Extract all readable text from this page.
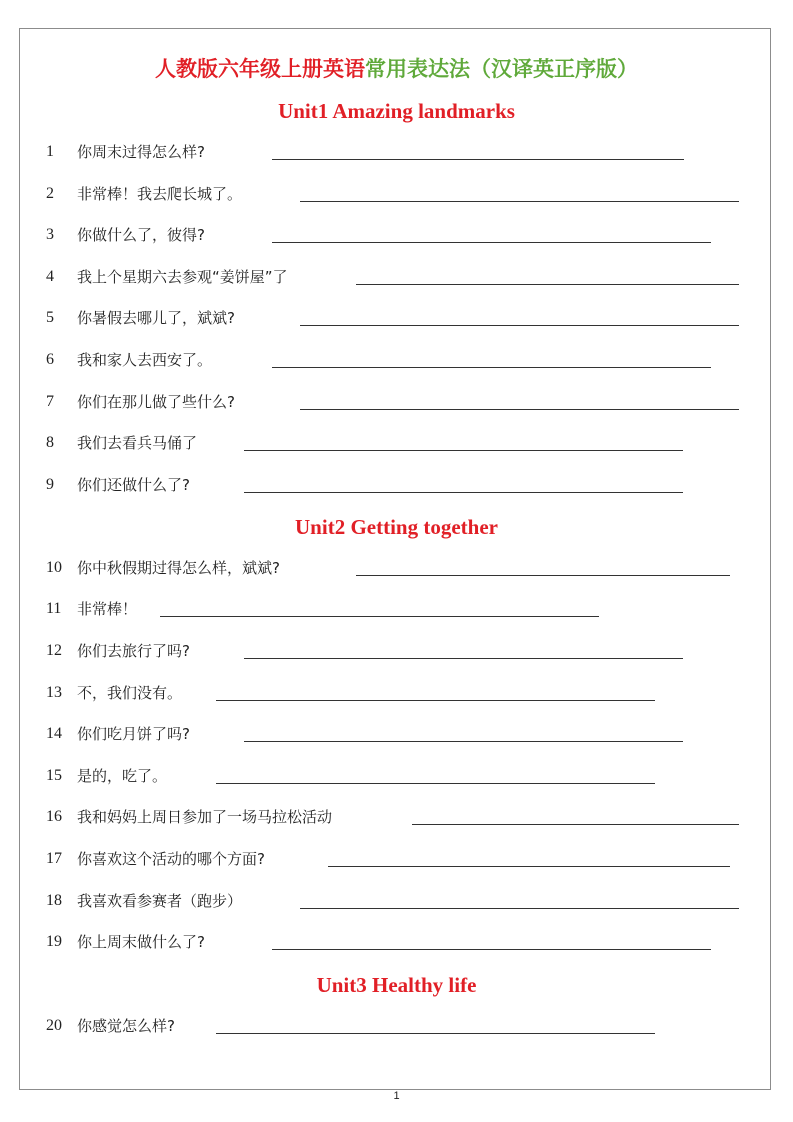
人教版六年级上册英语常用表达法（汉译英正序版）
Unit1 Amazing landmarks
Unit2 Getting together
Unit3 Healthy life
1	你周末过得怎么样?
2	非常棒！我去爬长城了。
3	你做什么了，彼得?
4	我上个星期六去参观“姜饼屋”了
5	你暑假去哪儿了，斌斌?
6	我和家人去西安了。
7	你们在那儿做了些什么?
8	我们去看兵马俑了
9	你们还做什么了?
10	你中秋假期过得怎么样，斌斌?
11	非常棒！
12	你们去旅行了吗?
13	不，我们没有。
14	你们吃月饼了吗?
15	是的，吃了。
16	我和妈妈上周日参加了一场马拉松活动
17	你喜欢这个活动的哪个方面?
18	我喜欢看参赛者（跑步）
19	你上周末做什么了?
20	你感觉怎么样?
1
